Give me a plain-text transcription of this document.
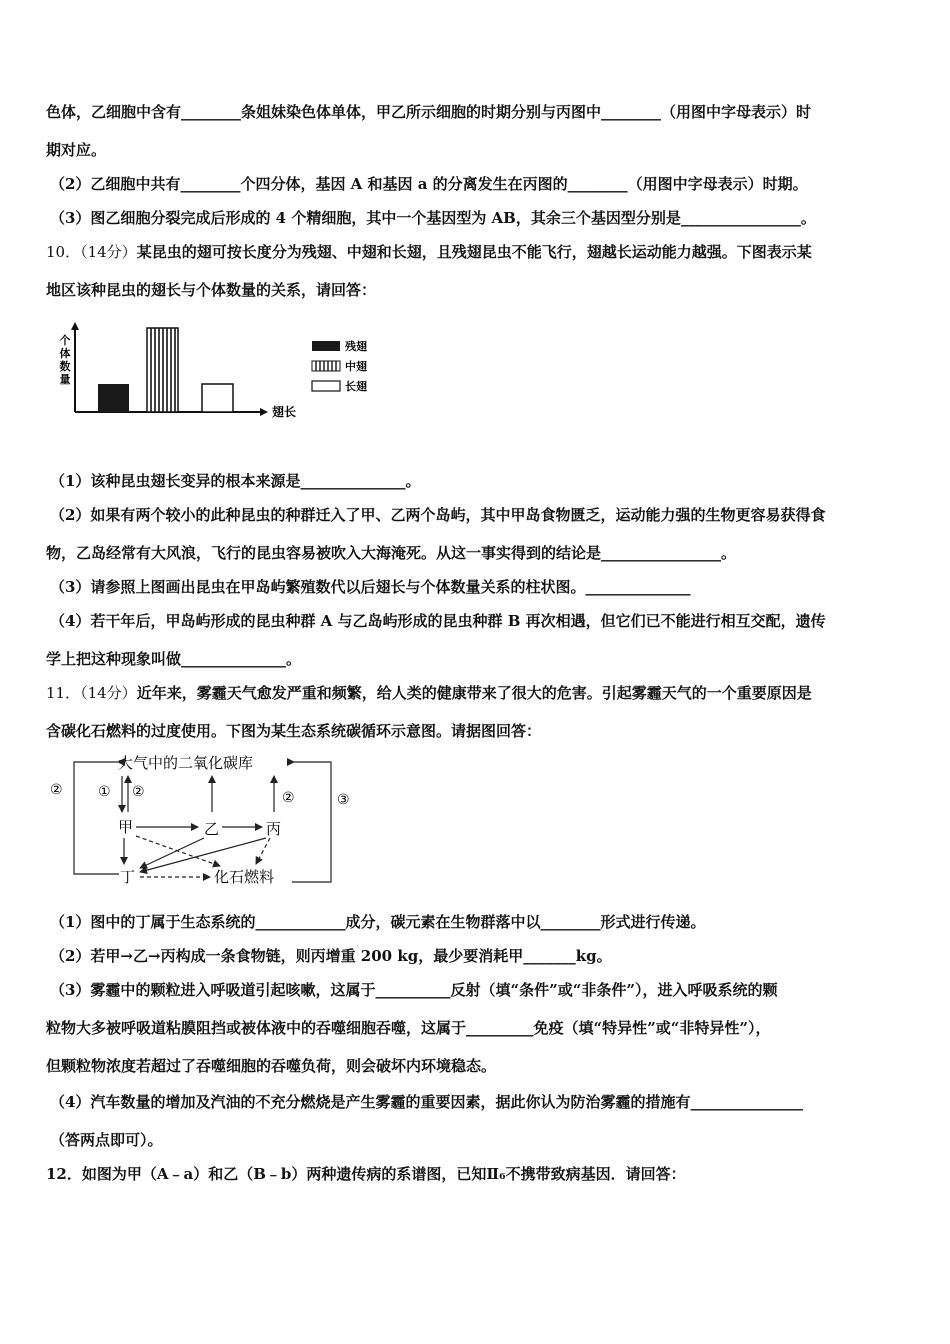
色体，乙细胞中含有________条姐妹染色体单体，甲乙所示细胞的时期分别与丙图中________（用图中字母表示）时
期对应。
（2）乙细胞中共有________个四分体，基因 A 和基因 a 的分离发生在丙图的________（用图中字母表示）时期。
（3）图乙细胞分裂完成后形成的 4 个精细胞，其中一个基因型为 AB，其余三个基因型分别是________________。
10．（14分）某昆虫的翅可按长度分为残翅、中翅和长翅，且残翅昆虫不能飞行，翅越长运动能力越强。下图表示某
地区该种昆虫的翅长与个体数量的关系，请回答：
个
体
数
量
翅长
残翅
中翅
长翅
（1）该种昆虫翅长变异的根本来源是______________。
（2）如果有两个较小的此种昆虫的种群迁入了甲、乙两个岛屿，其中甲岛食物匮乏，运动能力强的生物更容易获得食
物，乙岛经常有大风浪，飞行的昆虫容易被吹入大海淹死。从这一事实得到的结论是________________。
（3）请参照上图画出昆虫在甲岛屿繁殖数代以后翅长与个体数量关系的柱状图。______________
（4）若干年后，甲岛屿形成的昆虫种群 A 与乙岛屿形成的昆虫种群 B 再次相遇，但它们已不能进行相互交配，遗传
学上把这种现象叫做______________。
11．（14分）近年来，雾霾天气愈发严重和频繁，给人类的健康带来了很大的危害。引起雾霾天气的一个重要原因是
含碳化石燃料的过度使用。下图为某生态系统碳循环示意图。请据图回答：
大气中的二氧化碳库
②
③
① ②	②
甲	乙	丙
丁	化石燃料
（1）图中的丁属于生态系统的____________成分，碳元素在生物群落中以________形式进行传递。
（2）若甲→乙→丙构成一条食物链，则丙增重 200 kg，最少要消耗甲_______kg。
（3）雾霾中的颗粒进入呼吸道引起咳嗽，这属于__________反射（填“条件”或“非条件”），进入呼吸系统的颗
粒物大多被呼吸道粘膜阻挡或被体液中的吞噬细胞吞噬，这属于_________免疫（填“特异性”或“非特异性”），
但颗粒物浓度若超过了吞噬细胞的吞噬负荷，则会破坏内环境稳态。
（4）汽车数量的增加及汽油的不充分燃烧是产生雾霾的重要因素，据此你认为防治雾霾的措施有_______________
（答两点即可）。
12．如图为甲（A﹣a）和乙（B﹣b）两种遗传病的系谱图，已知Ⅱ₆不携带致病基因．请回答：
